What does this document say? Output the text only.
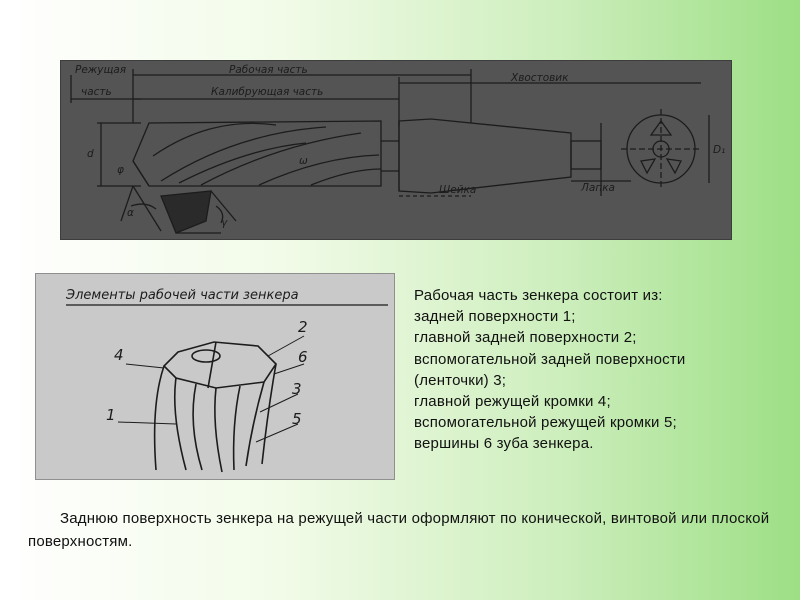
Режущая
часть
Рабочая часть
Калибрующая часть
Хвостовик
Шейка	Лапка
d
φ
ω
α
γ
D₁
Элементы рабочей части зенкера
4
2
6
3
5
1
Рабочая часть зенкера состоит из:
задней поверхности 1;
главной задней поверхности 2;
вспомогательной задней поверхности
(ленточки) 3;
главной режущей кромки 4;
вспомогательной режущей кромки 5;
вершины 6 зуба зенкера.
Заднюю поверхность зенкера на режущей части оформляют по конической, винтовой или плоской поверхностям.
